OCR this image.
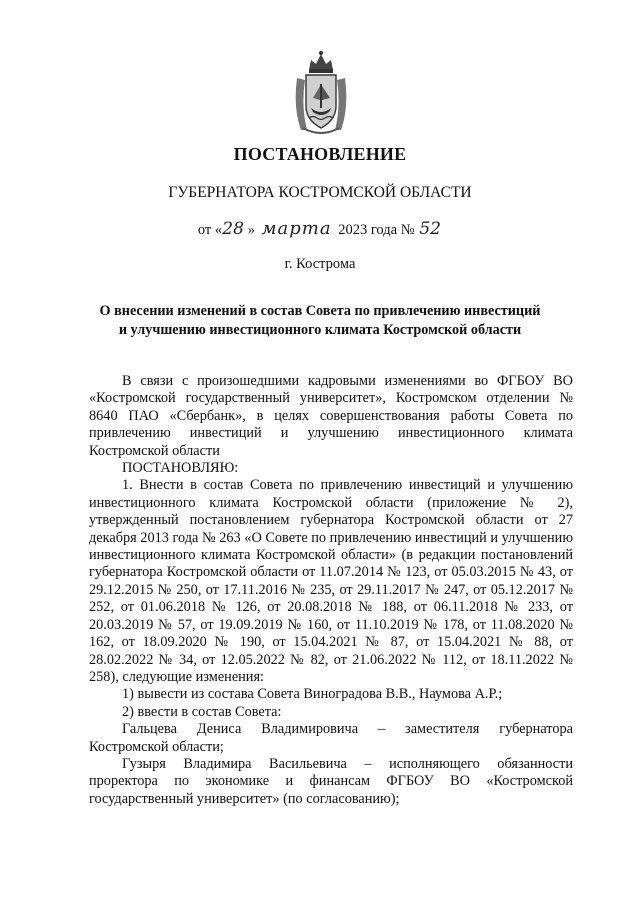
ПОСТАНОВЛЕНИЕ
ГУБЕРНАТОРА КОСТРОМСКОЙ ОБЛАСТИ
от «28 » марта 2023 года № 52
г. Кострома
О внесении изменений в состав Совета по привлечению инвестиций
и улучшению инвестиционного климата Костромской области

В связи с произошедшими кадровыми изменениями во ФГБОУ ВО «Костромской государственный университет», Костромском отделении № 8640 ПАО «Сбербанк», в целях совершенствования работы Совета по привлечению инвестиций и улучшению инвестиционного климата Костромской области

ПОСТАНОВЛЯЮ:

1. Внести в состав Совета по привлечению инвестиций и улучшению инвестиционного климата Костромской области (приложение № 2), утвержденный постановлением губернатора Костромской области от 27 декабря 2013 года № 263 «О Совете по привлечению инвестиций и улучшению инвестиционного климата Костромской области» (в редакции постановлений губернатора Костромской области от 11.07.2014 № 123, от 05.03.2015 № 43, от 29.12.2015 № 250, от 17.11.2016 № 235, от 29.11.2017 № 247, от 05.12.2017 № 252, от 01.06.2018 № 126, от 20.08.2018 № 188, от 06.11.2018 № 233, от 20.03.2019 № 57, от 19.09.2019 № 160, от 11.10.2019 № 178, от 11.08.2020 № 162, от 18.09.2020 № 190, от 15.04.2021 № 87, от 15.04.2021 № 88, от 28.02.2022 № 34, от 12.05.2022 № 82, от 21.06.2022 № 112, от 18.11.2022 № 258), следующие изменения:

1) вывести из состава Совета Виноградова В.В., Наумова А.Р.;

2) ввести в состав Совета:

Гальцева Дениса Владимировича – заместителя губернатора Костромской области;

Гузыря Владимира Васильевича – исполняющего обязанности проректора по экономике и финансам ФГБОУ ВО «Костромской государственный университет» (по согласованию);
